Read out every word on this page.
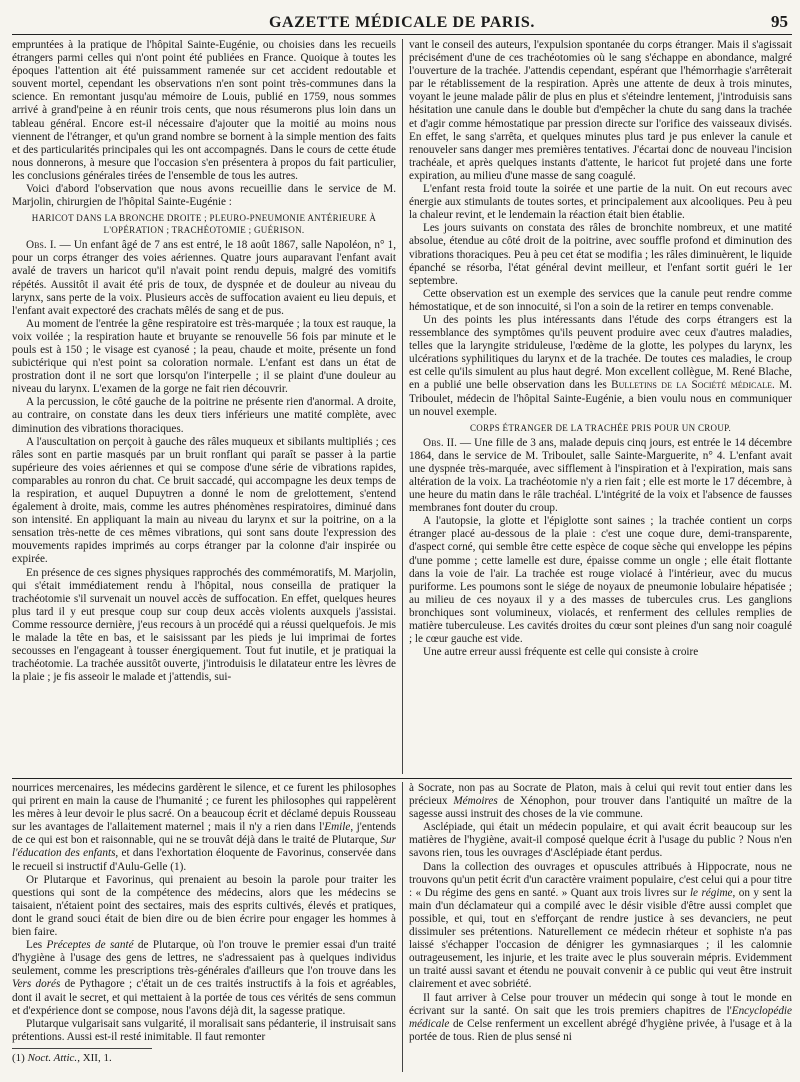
GAZETTE MÉDICALE DE PARIS.	95

empruntées à la pratique de l'hôpital Sainte-Eugénie, ou choisies dans les recueils étrangers parmi celles qui n'ont point été publiées en France. Quoique à toutes les époques l'attention ait été puissamment ramenée sur cet accident redoutable et souvent mortel, cependant les observations n'en sont point très-communes dans la science. En remontant jusqu'au mémoire de Louis, publié en 1759, nous sommes arrivé à grand'peine à en réunir trois cents, que nous résumerons plus loin dans un tableau général. Encore est-il nécessaire d'ajouter que la moitié au moins nous viennent de l'étranger, et qu'un grand nombre se bornent à la simple mention des faits et des particularités principales qui les ont accompagnés. Dans le cours de cette étude nous donnerons, à mesure que l'occasion s'en présentera à propos du fait particulier, les conclusions générales tirées de l'ensemble de tous les autres.

Voici d'abord l'observation que nous avons recueillie dans le service de M. Marjolin, chirurgien de l'hôpital Sainte-Eugénie :

HARICOT DANS LA BRONCHE DROITE ; PLEURO-PNEUMONIE ANTÉRIEURE À L'OPÉRATION ; TRACHÉOTOMIE ; GUÉRISON.

Obs. I. — Un enfant âgé de 7 ans est entré, le 18 août 1867, salle Napoléon, n° 1, pour un corps étranger des voies aériennes. Quatre jours auparavant l'enfant avait avalé de travers un haricot qu'il n'avait point rendu depuis, malgré des vomitifs répétés. Aussitôt il avait été pris de toux, de dyspnée et de douleur au niveau du larynx, sans perte de la voix. Plusieurs accès de suffocation avaient eu lieu depuis, et l'enfant avait expectoré des crachats mêlés de sang et de pus.

Au moment de l'entrée la gêne respiratoire est très-marquée ; la toux est rauque, la voix voilée ; la respiration haute et bruyante se renouvelle 56 fois par minute et le pouls est à 150 ; le visage est cyanosé ; la peau, chaude et moite, présente un fond subictérique qui n'est point sa coloration normale. L'enfant est dans un état de prostration dont il ne sort que lorsqu'on l'interpelle ; il se plaint d'une douleur au niveau du larynx. L'examen de la gorge ne fait rien découvrir.

A la percussion, le côté gauche de la poitrine ne présente rien d'anormal. A droite, au contraire, on constate dans les deux tiers inférieurs une matité complète, avec diminution des vibrations thoraciques.

A l'auscultation on perçoit à gauche des râles muqueux et sibilants multipliés ; ces râles sont en partie masqués par un bruit ronflant qui paraît se passer à la partie supérieure des voies aériennes et qui se compose d'une série de vibrations rapides, comparables au ronron du chat. Ce bruit saccadé, qui accompagne les deux temps de la respiration, et auquel Dupuytren a donné le nom de grelottement, s'entend également à droite, mais, comme les autres phénomènes respiratoires, diminué dans son intensité. En appliquant la main au niveau du larynx et sur la poitrine, on a la sensation très-nette de ces mêmes vibrations, qui sont sans doute l'expression des mouvements rapides imprimés au corps étranger par la colonne d'air inspirée ou expirée.

En présence de ces signes physiques rapprochés des commémoratifs, M. Marjolin, qui s'était immédiatement rendu à l'hôpital, nous conseilla de pratiquer la trachéotomie s'il survenait un nouvel accès de suffocation. En effet, quelques heures plus tard il y eut presque coup sur coup deux accès violents auxquels j'assistai. Comme ressource dernière, j'eus recours à un procédé qui a réussi quelquefois. Je mis le malade la tête en bas, et le saisissant par les pieds je lui imprimai de fortes secousses en l'engageant à tousser énergiquement. Tout fut inutile, et je pratiquai la trachéotomie. La trachée aussitôt ouverte, j'introduisis le dilatateur entre les lèvres de la plaie ; je fis asseoir le malade et j'attendis, sui-

vant le conseil des auteurs, l'expulsion spontanée du corps étranger. Mais il s'agissait précisément d'une de ces trachéotomies où le sang s'échappe en abondance, malgré l'ouverture de la trachée. J'attendis cependant, espérant que l'hémorrhagie s'arrêterait par le rétablissement de la respiration. Après une attente de deux à trois minutes, voyant le jeune malade pâlir de plus en plus et s'éteindre lentement, j'introduisis sans hésitation une canule dans le double but d'empêcher la chute du sang dans la trachée et d'agir comme hémostatique par pression directe sur l'orifice des vaisseaux divisés. En effet, le sang s'arrêta, et quelques minutes plus tard je pus enlever la canule et renouveler sans danger mes premières tentatives. J'écartai donc de nouveau l'incision trachéale, et après quelques instants d'attente, le haricot fut projeté dans une forte expiration, au milieu d'une masse de sang coagulé.

L'enfant resta froid toute la soirée et une partie de la nuit. On eut recours avec énergie aux stimulants de toutes sortes, et principalement aux alcooliques. Peu à peu la chaleur revint, et le lendemain la réaction était bien établie.

Les jours suivants on constata des râles de bronchite nombreux, et une matité absolue, étendue au côté droit de la poitrine, avec souffle profond et diminution des vibrations thoraciques. Peu à peu cet état se modifia ; les râles diminuèrent, le liquide épanché se résorba, l'état général devint meilleur, et l'enfant sortit guéri le 1er septembre.

Cette observation est un exemple des services que la canule peut rendre comme hémostatique, et de son innocuité, si l'on a soin de la retirer en temps convenable.

Un des points les plus intéressants dans l'étude des corps étrangers est la ressemblance des symptômes qu'ils peuvent produire avec ceux d'autres maladies, telles que la laryngite striduleuse, l'œdème de la glotte, les polypes du larynx, les ulcérations syphilitiques du larynx et de la trachée. De toutes ces maladies, le croup est celle qu'ils simulent au plus haut degré. Mon excellent collègue, M. René Blache, en a publié une belle observation dans les Bulletins de la Société médicale. M. Triboulet, médecin de l'hôpital Sainte-Eugénie, a bien voulu nous en communiquer un nouvel exemple.

CORPS ÉTRANGER DE LA TRACHÉE PRIS POUR UN CROUP.

Obs. II. — Une fille de 3 ans, malade depuis cinq jours, est entrée le 14 décembre 1864, dans le service de M. Triboulet, salle Sainte-Marguerite, n° 4. L'enfant avait une dyspnée très-marquée, avec sifflement à l'inspiration et à l'expiration, mais sans altération de la voix. La trachéotomie n'y a rien fait ; elle est morte le 17 décembre, à une heure du matin dans le râle trachéal. L'intégrité de la voix et l'absence de fausses membranes font douter du croup.

A l'autopsie, la glotte et l'épiglotte sont saines ; la trachée contient un corps étranger placé au-dessous de la plaie : c'est une coque dure, demi-transparente, d'aspect corné, qui semble être cette espèce de coque sèche qui enveloppe les pépins d'une pomme ; cette lamelle est dure, épaisse comme un ongle ; elle était flottante dans la voie de l'air. La trachée est rouge violacé à l'intérieur, avec du mucus puriforme. Les poumons sont le siége de noyaux de pneumonie lobulaire hépatisée ; au milieu de ces noyaux il y a des masses de tubercules crus. Les ganglions bronchiques sont volumineux, violacés, et renferment des cellules remplies de matière tuberculeuse. Les cavités droites du cœur sont pleines d'un sang noir coagulé ; le cœur gauche est vide.

Une autre erreur aussi fréquente est celle qui consiste à croire

nourrices mercenaires, les médecins gardèrent le silence, et ce furent les philosophes qui prirent en main la cause de l'humanité ; ce furent les philosophes qui rappelèrent les mères à leur devoir le plus sacré. On a beaucoup écrit et déclamé depuis Rousseau sur les avantages de l'allaitement maternel ; mais il n'y a rien dans l'Emile, j'entends de ce qui est bon et raisonnable, qui ne se trouvât déjà dans le traité de Plutarque, Sur l'éducation des enfants, et dans l'exhortation éloquente de Favorinus, conservée dans le recueil si instructif d'Aulu-Gelle (1).

Or Plutarque et Favorinus, qui prenaient au besoin la parole pour traiter les questions qui sont de la compétence des médecins, alors que les médecins se taisaient, n'étaient point des sectaires, mais des esprits cultivés, élevés et pratiques, dont le grand souci était de bien dire ou de bien écrire pour engager les hommes à bien faire.

Les Préceptes de santé de Plutarque, où l'on trouve le premier essai d'un traité d'hygiène à l'usage des gens de lettres, ne s'adressaient pas à quelques individus seulement, comme les prescriptions très-générales d'ailleurs que l'on trouve dans les Vers dorés de Pythagore ; c'était un de ces traités instructifs à la fois et agréables, dont il avait le secret, et qui mettaient à la portée de tous ces vérités de sens commun et d'expérience dont se compose, nous l'avons déjà dit, la sagesse pratique.

Plutarque vulgarisait sans vulgarité, il moralisait sans pédanterie, il instruisait sans prétentions. Aussi est-il resté inimitable. Il faut remonter

(1) Noct. Attic., XII, 1.

à Socrate, non pas au Socrate de Platon, mais à celui qui revit tout entier dans les précieux Mémoires de Xénophon, pour trouver dans l'antiquité un maître de la sagesse aussi instruit des choses de la vie commune.

Asclépiade, qui était un médecin populaire, et qui avait écrit beaucoup sur les matières de l'hygiène, avait-il composé quelque écrit à l'usage du public ? Nous n'en savons rien, tous les ouvrages d'Asclépiade étant perdus.

Dans la collection des ouvrages et opuscules attribués à Hippocrate, nous ne trouvons qu'un petit écrit d'un caractère vraiment populaire, c'est celui qui a pour titre : « Du régime des gens en santé. » Quant aux trois livres sur le régime, on y sent la main d'un déclamateur qui a compilé avec le désir visible d'être aussi complet que possible, et qui, tout en s'efforçant de rendre justice à ses devanciers, ne peut dissimuler ses prétentions. Naturellement ce médecin rhéteur et sophiste n'a pas laissé s'échapper l'occasion de dénigrer les gymnasiarques ; il les calomnie outrageusement, les injurie, et les traite avec le plus souverain mépris. Evidemment un traité aussi savant et étendu ne pouvait convenir à ce public qui veut être instruit clairement et avec sobriété.

Il faut arriver à Celse pour trouver un médecin qui songe à tout le monde en écrivant sur la santé. On sait que les trois premiers chapitres de l'Encyclopédie médicale de Celse renferment un excellent abrégé d'hygiène privée, à l'usage et à la portée de tous. Rien de plus sensé ni
